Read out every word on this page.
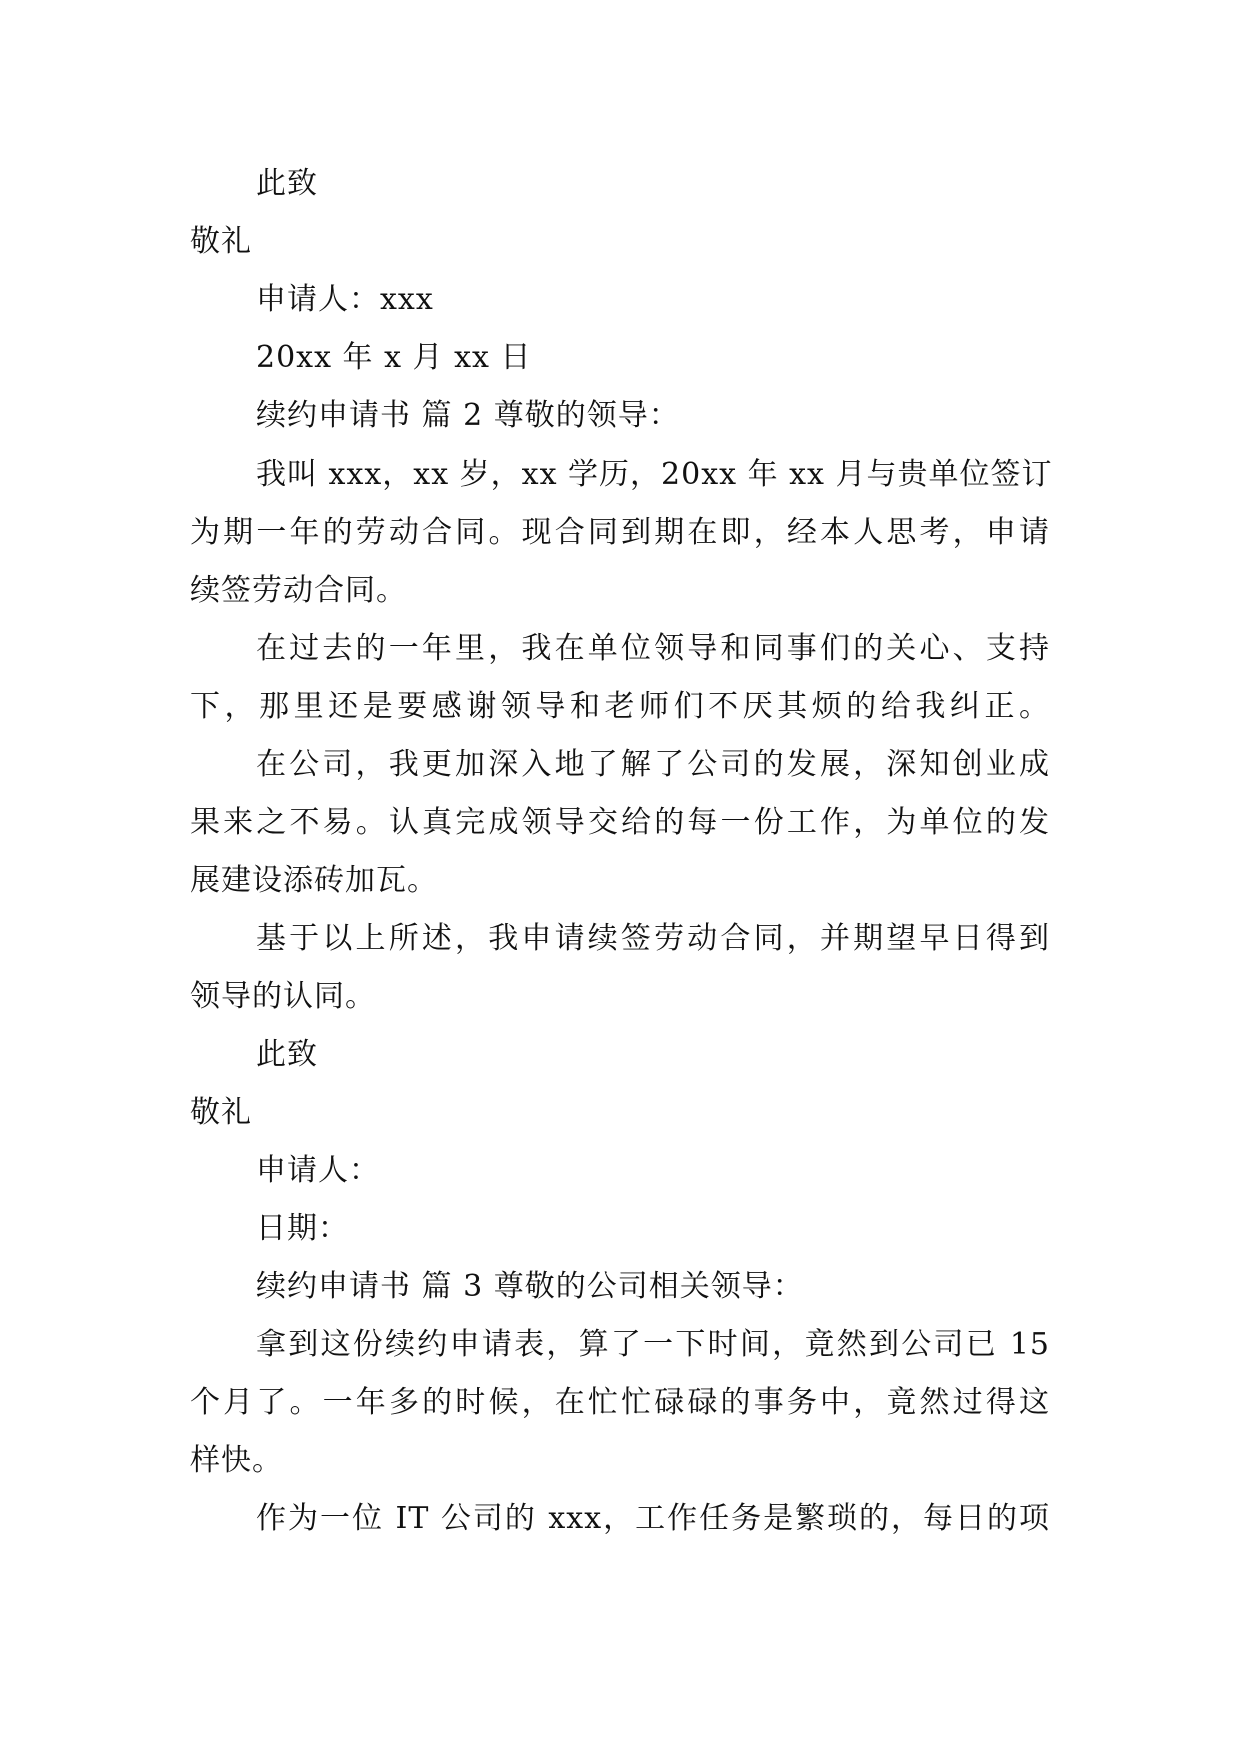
此致
敬礼
申请人：xxx
20xx 年 x 月 xx 日
续约申请书 篇 2 尊敬的领导：
我叫 xxx，xx 岁，xx 学历，20xx 年 xx 月与贵单位签订
为期一年的劳动合同。现合同到期在即，经本人思考，申请
续签劳动合同。
在过去的一年里，我在单位领导和同事们的关心、支持
下，那里还是要感谢领导和老师们不厌其烦的给我纠正。
在公司，我更加深入地了解了公司的发展，深知创业成
果来之不易。认真完成领导交给的每一份工作，为单位的发
展建设添砖加瓦。
基于以上所述，我申请续签劳动合同，并期望早日得到
领导的认同。
此致
敬礼
申请人：
日期：
续约申请书 篇 3 尊敬的公司相关领导：
拿到这份续约申请表，算了一下时间，竟然到公司已 15
个月了。一年多的时候，在忙忙碌碌的事务中，竟然过得这
样快。
作为一位 IT 公司的 xxx，工作任务是繁琐的，每日的项
